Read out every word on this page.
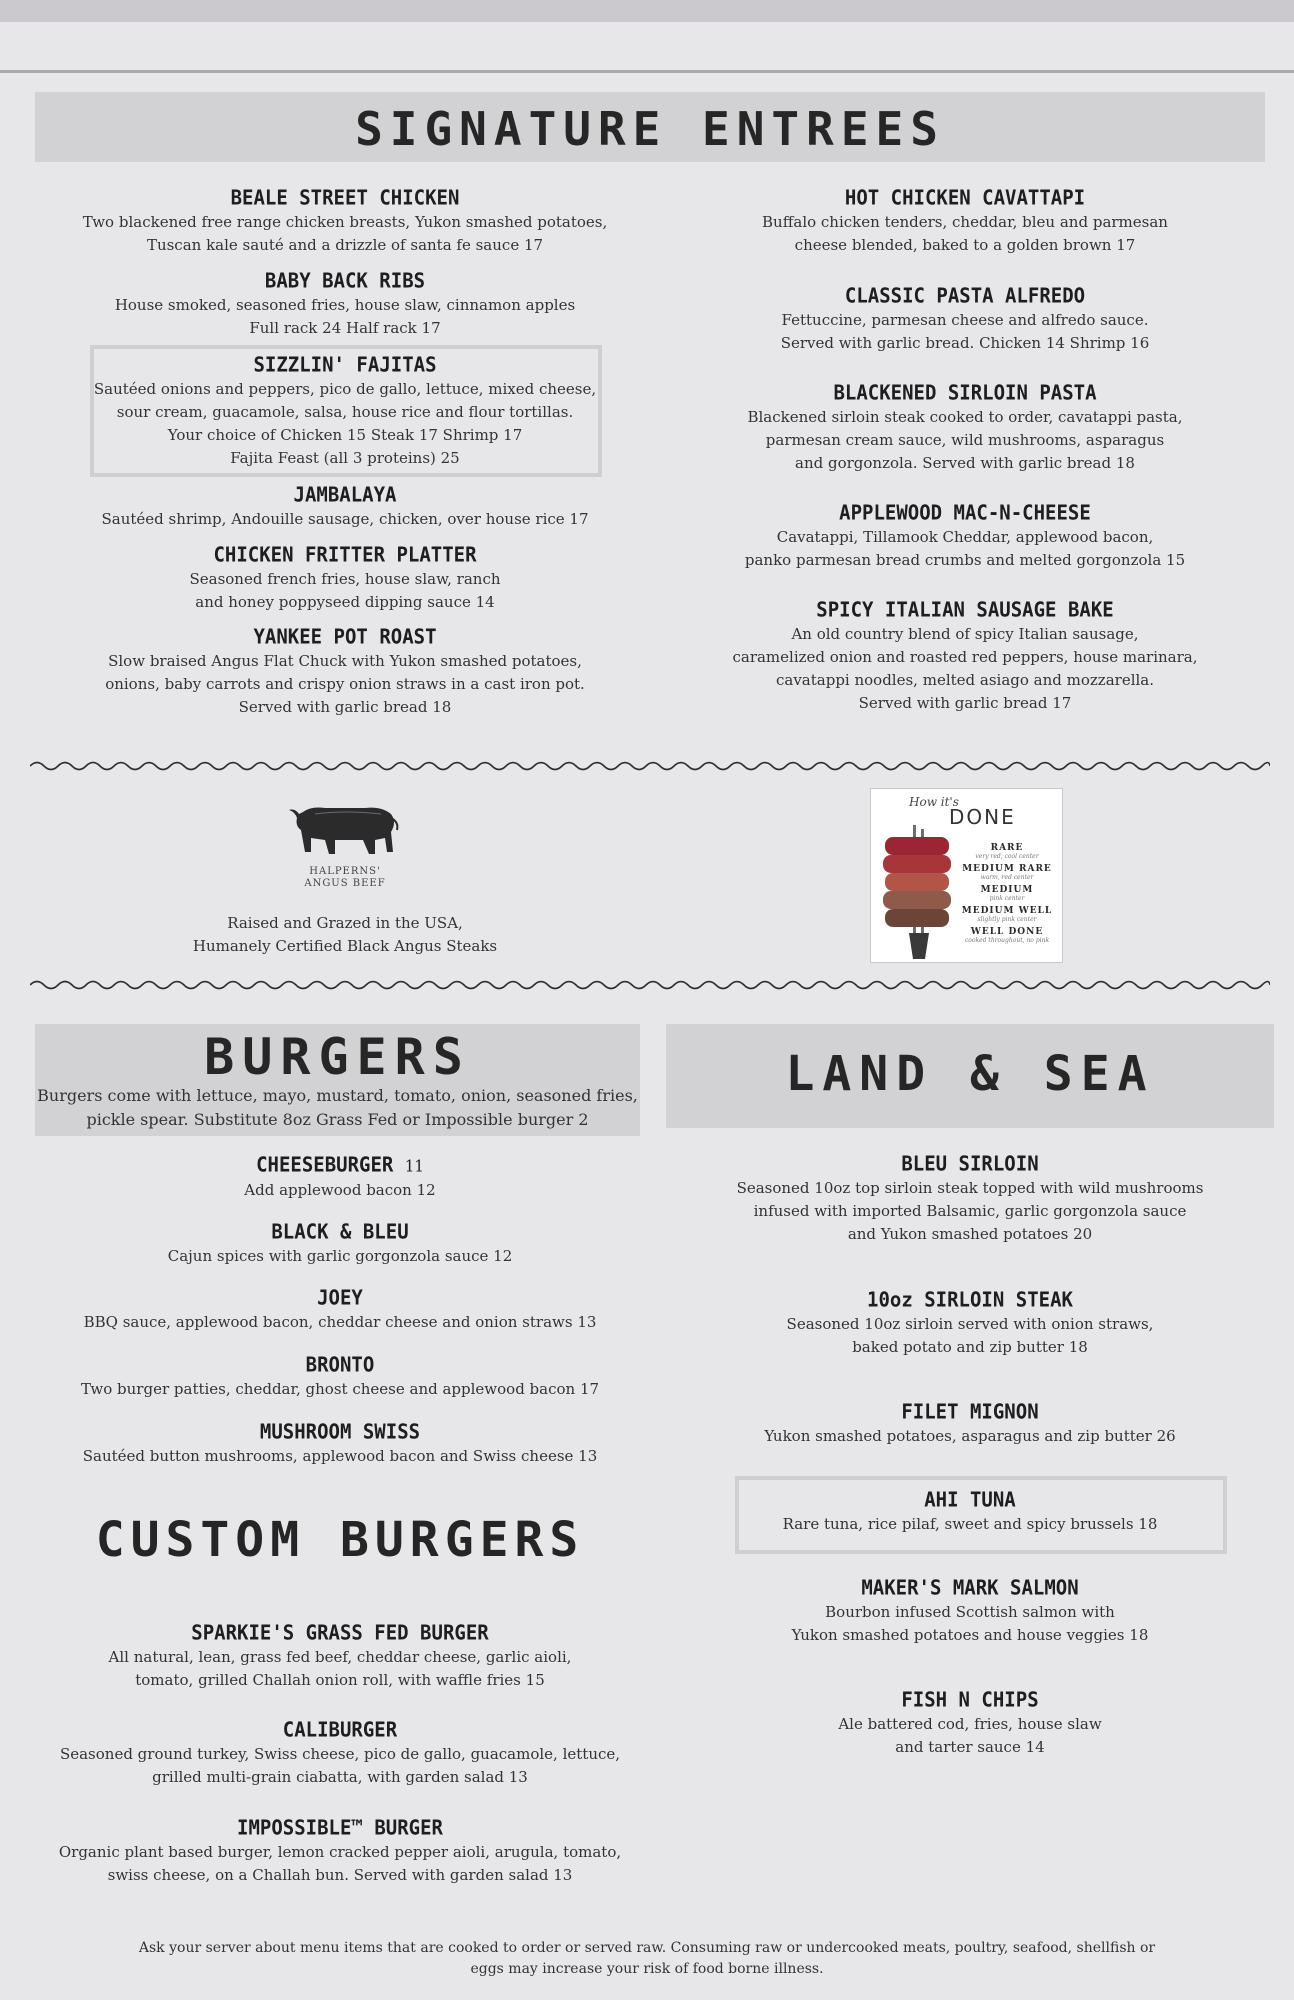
SIGNATURE ENTREES
BEALE STREET CHICKEN

Two blackened free range chicken breasts, Yukon smashed potatoes,

Tuscan kale sauté and a drizzle of santa fe sauce 17

BABY BACK RIBS

House smoked, seasoned fries, house slaw, cinnamon apples

Full rack 24 Half rack 17

SIZZLIN' FAJITAS

Sautéed onions and peppers, pico de gallo, lettuce, mixed cheese,

sour cream, guacamole, salsa, house rice and flour tortillas.

Your choice of Chicken 15 Steak 17 Shrimp 17

Fajita Feast (all 3 proteins) 25

JAMBALAYA

Sautéed shrimp, Andouille sausage, chicken, over house rice 17

CHICKEN FRITTER PLATTER

Seasoned french fries, house slaw, ranch

and honey poppyseed dipping sauce 14

YANKEE POT ROAST

Slow braised Angus Flat Chuck with Yukon smashed potatoes,

onions, baby carrots and crispy onion straws in a cast iron pot.

Served with garlic bread 18

HOT CHICKEN CAVATTAPI

Buffalo chicken tenders, cheddar, bleu and parmesan

cheese blended, baked to a golden brown 17

CLASSIC PASTA ALFREDO

Fettuccine, parmesan cheese and alfredo sauce.

Served with garlic bread. Chicken 14 Shrimp 16

BLACKENED SIRLOIN PASTA

Blackened sirloin steak cooked to order, cavatappi pasta,

parmesan cream sauce, wild mushrooms, asparagus

and gorgonzola. Served with garlic bread 18

APPLEWOOD MAC-N-CHEESE

Cavatappi, Tillamook Cheddar, applewood bacon,

panko parmesan bread crumbs and melted gorgonzola 15

SPICY ITALIAN SAUSAGE BAKE

An old country blend of spicy Italian sausage,

caramelized onion and roasted red peppers, house marinara,

cavatappi noodles, melted asiago and mozzarella.

Served with garlic bread 17

HALPERNS'
ANGUS BEEF
Raised and Grazed in the USA,
Humanely Certified Black Angus Steaks
How it's
DONE
RARE
very red, cool center
MEDIUM RARE
warm, red center
MEDIUM
pink center
MEDIUM WELL
slightly pink center
WELL DONE
cooked throughout, no pink
BURGERS
Burgers come with lettuce, mayo, mustard, tomato, onion, seasoned fries,
pickle spear. Substitute 8oz Grass Fed or Impossible burger 2
CHEESEBURGER 11

Add applewood bacon 12

BLACK & BLEU

Cajun spices with garlic gorgonzola sauce 12

JOEY

BBQ sauce, applewood bacon, cheddar cheese and onion straws 13

BRONTO

Two burger patties, cheddar, ghost cheese and applewood bacon 17

MUSHROOM SWISS

Sautéed button mushrooms, applewood bacon and Swiss cheese 13

CUSTOM BURGERS
SPARKIE'S GRASS FED BURGER

All natural, lean, grass fed beef, cheddar cheese, garlic aioli,

tomato, grilled Challah onion roll, with waffle fries 15

CALIBURGER

Seasoned ground turkey, Swiss cheese, pico de gallo, guacamole, lettuce,

grilled multi-grain ciabatta, with garden salad 13

IMPOSSIBLE™ BURGER

Organic plant based burger, lemon cracked pepper aioli, arugula, tomato,

swiss cheese, on a Challah bun. Served with garden salad 13

LAND & SEA
BLEU SIRLOIN

Seasoned 10oz top sirloin steak topped with wild mushrooms

infused with imported Balsamic, garlic gorgonzola sauce

and Yukon smashed potatoes 20

10oz SIRLOIN STEAK

Seasoned 10oz sirloin served with onion straws,

baked potato and zip butter 18

FILET MIGNON

Yukon smashed potatoes, asparagus and zip butter 26

AHI TUNA

Rare tuna, rice pilaf, sweet and spicy brussels 18

MAKER'S MARK SALMON

Bourbon infused Scottish salmon with

Yukon smashed potatoes and house veggies 18

FISH N CHIPS

Ale battered cod, fries, house slaw

and tarter sauce 14

Ask your server about menu items that are cooked to order or served raw. Consuming raw or undercooked meats, poultry, seafood, shellfish or
eggs may increase your risk of food borne illness.
